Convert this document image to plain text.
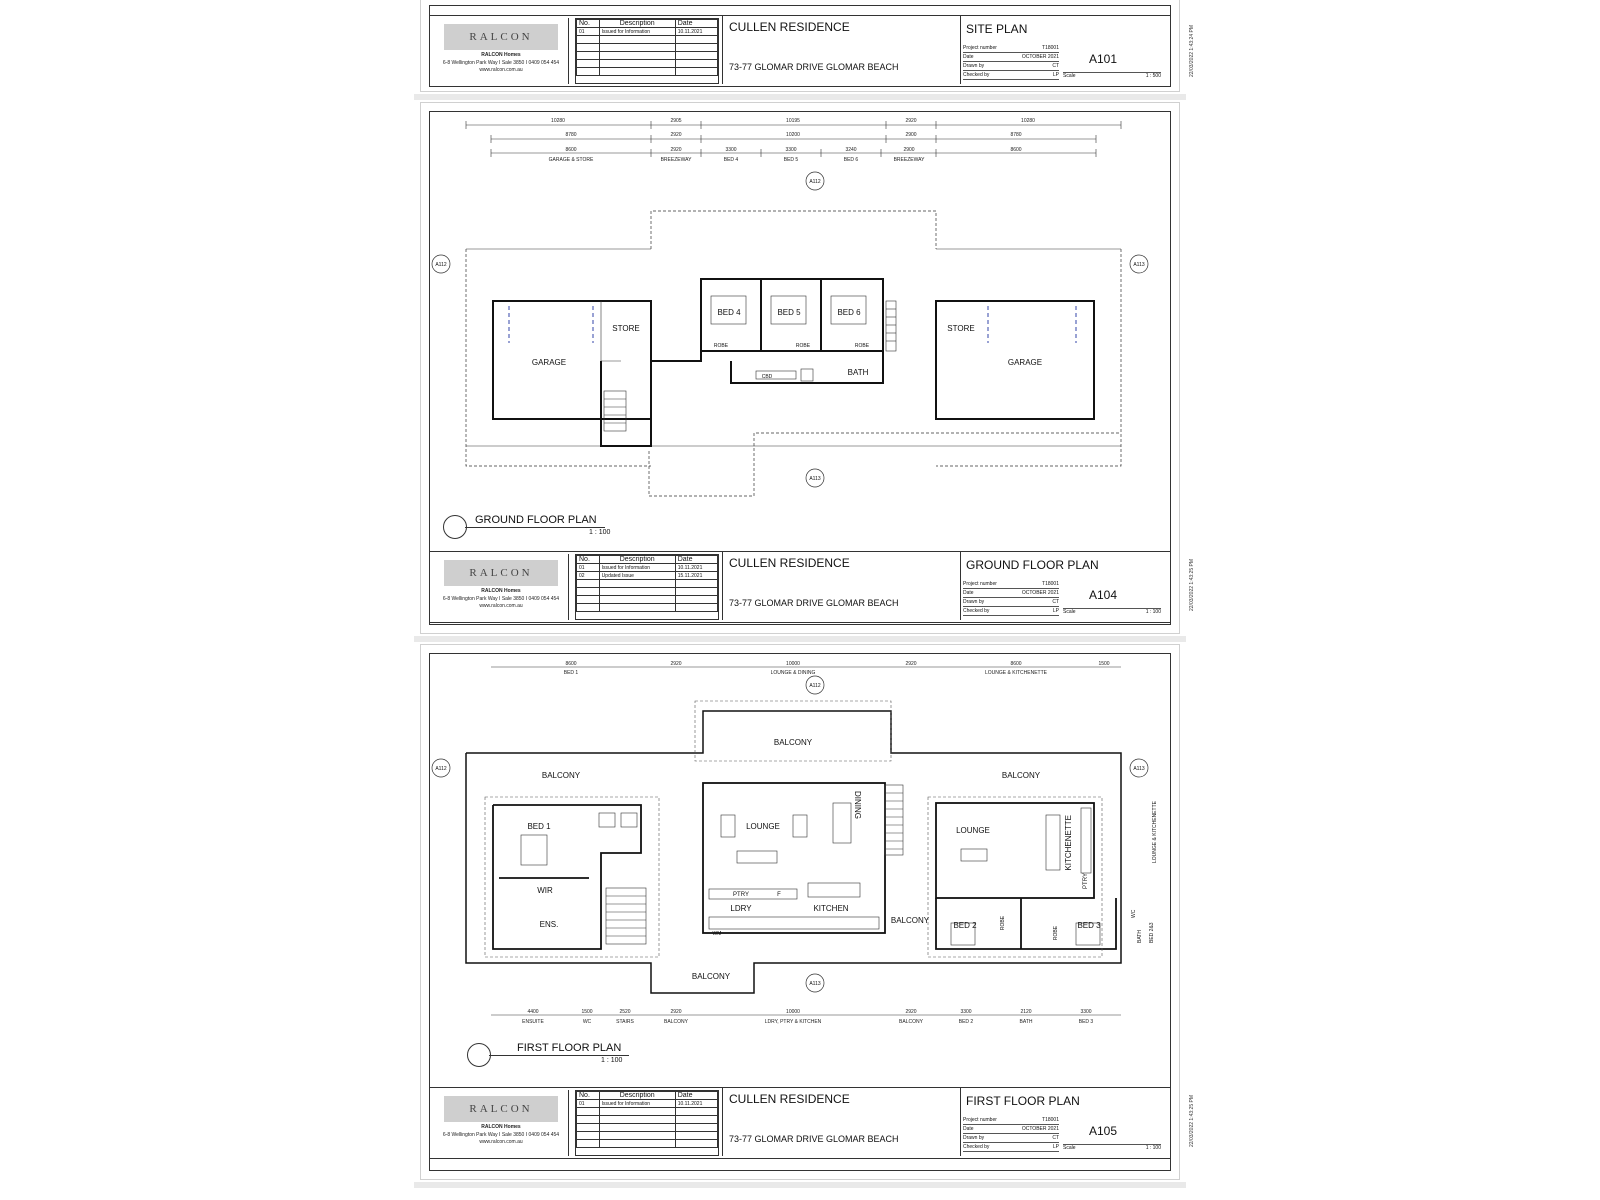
RALCON
RALCON Homes
6-8 Wellington Park Way I Sale 3850 I 0409 054 454
www.ralcon.com.au
No.	Description	Date
01	Issued for Information	10.11.2021

		CULLEN RESIDENCE
73-77 GLOMAR DRIVE GLOMAR BEACH
SITE PLAN
Project number	T18001
Date	OCTOBER 2021
Drawn by	CT
Checked by	LP
A101
Scale	1 : 500	22/03/2022 1:43:24 PM
10280	2905	10195	2920	10280
8780	2920	10200	2900	8780
8600	2920	3300	3300	3240	2900	8600
GARAGE & STORE	BREEZEWAY	BED 4	BED 5	BED 6	BREEZEWAY
GARAGE
STORE
BED 4	BED 5	BED 6
ROBE	ROBE	ROBE
CBD	BATH
STORE
GARAGE
A112
A112	A113
A113
GROUND FLOOR PLAN
1 : 100
RALCON
RALCON Homes
6-8 Wellington Park Way I Sale 3850 I 0409 054 454
www.ralcon.com.au
No.	Description	Date
01	Issued for Information	10.11.2021
02	Updated Issue	15.11.2021

CULLEN RESIDENCE
73-77 GLOMAR DRIVE GLOMAR BEACH
GROUND FLOOR PLAN
Project number	T18001
Date	OCTOBER 2021
Drawn by	CT
Checked by	LP
A104
Scale	1 : 100
22/03/2022 1:43:25 PM
8600	2920	10000	2920	8600	1500
BED 1	LOUNGE & DINING	LOUNGE & KITCHENETTE
4400	1500	2520	2920	10000	2920	3300	2120	3300
ENSUITE	WC	STAIRS	BALCONY	LDRY, PTRY & KITCHEN	BALCONY	BED 2	BATH	BED 3
LOUNGE & KITCHENETTE
BATH
WC
BED 2&3
BALCONY
BALCONY	BALCONY
BED 1
WIR
ENS.
LOUNGE
DINING
PTRY	F
LDRY	KITCHEN
BALCONY
LOUNGE	KITCHENETTE
PTRY
BED 2	ROBE
ROBE
BED 3
BALCONY
WM
A112
A112	A113
A113
FIRST FLOOR PLAN
1 : 100
RALCON
RALCON Homes
6-8 Wellington Park Way I Sale 3850 I 0409 054 454
www.ralcon.com.au
No.	Description	Date
01	Issued for Information	10.11.2021

		CULLEN RESIDENCE
73-77 GLOMAR DRIVE GLOMAR BEACH
FIRST FLOOR PLAN
Project number	T18001
Date	OCTOBER 2021
Drawn by	CT
Checked by	LP
A105
Scale	1 : 100
22/03/2022 1:43:25 PM
